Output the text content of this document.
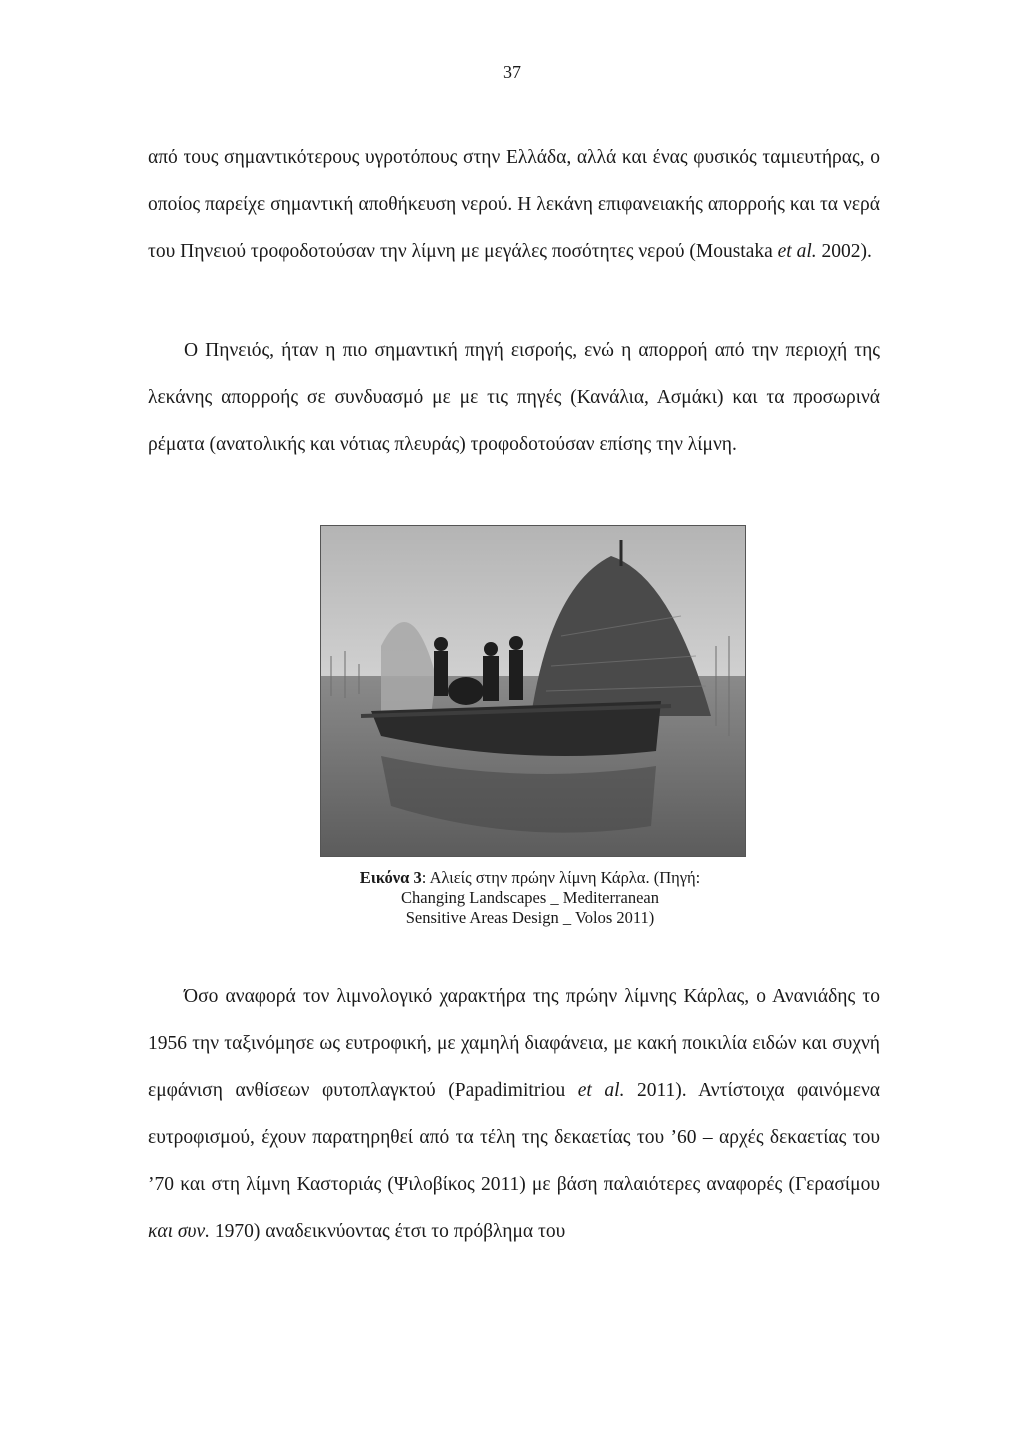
37

από τους σημαντικότερους υγροτόπους στην Ελλάδα, αλλά και ένας φυσικός ταμιευτήρας, ο οποίος παρείχε σημαντική αποθήκευση νερού. Η λεκάνη επιφανειακής απορροής και τα νερά του Πηνειού τροφοδοτούσαν την λίμνη με μεγάλες ποσότητες νερού (Moustaka et al. 2002).

Ο Πηνειός, ήταν η πιο σημαντική πηγή εισροής, ενώ η απορροή από την περιοχή της λεκάνης απορροής σε συνδυασμό με με τις πηγές (Κανάλια, Ασμάκι) και τα προσωρινά ρέματα (ανατολικής και νότιας πλευράς) τροφοδοτούσαν επίσης την λίμνη.

Εικόνα 3: Αλιείς στην πρώην λίμνη Κάρλα. (Πηγή:
Changing Landscapes _ Mediterranean
Sensitive Areas Design _ Volos 2011)

Όσο αναφορά τον λιμνολογικό χαρακτήρα της πρώην λίμνης Κάρλας, ο Ανανιάδης το 1956 την ταξινόμησε ως ευτροφική, με χαμηλή διαφάνεια, με κακή ποικιλία ειδών και συχνή εμφάνιση ανθίσεων φυτοπλαγκτού (Papadimitriou et al. 2011). Αντίστοιχα φαινόμενα ευτροφισμού, έχουν παρατηρηθεί από τα τέλη της δεκαετίας του ’60 – αρχές δεκαετίας του ’70 και στη λίμνη Καστοριάς (Ψιλοβίκος 2011) με βάση παλαιότερες αναφορές (Γερασίμου και συν. 1970) αναδεικνύοντας έτσι το πρόβλημα του
